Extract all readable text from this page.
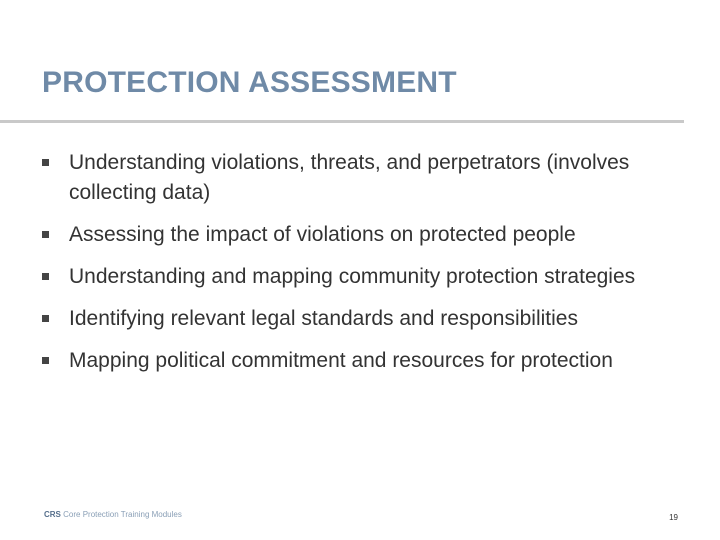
PROTECTION ASSESSMENT
Understanding violations, threats, and perpetrators (involves collecting data)
Assessing the impact of violations on protected people
Understanding and mapping community protection strategies
Identifying relevant legal standards and responsibilities
Mapping political commitment and resources for protection
CRS Core Protection Training Modules	19
